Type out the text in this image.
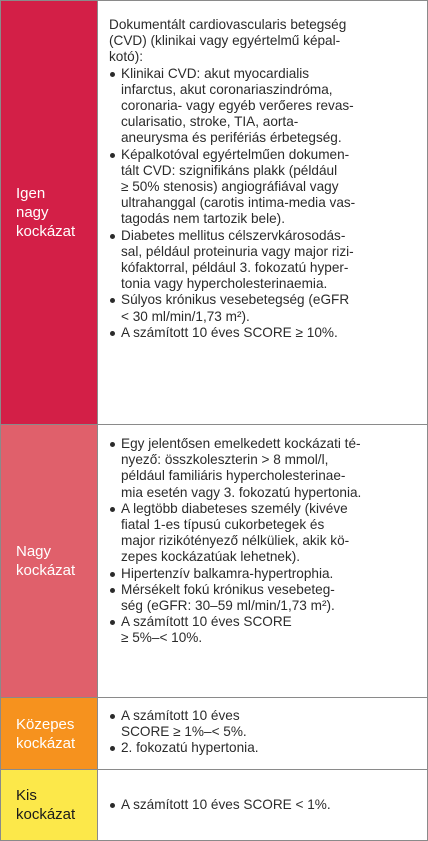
Igen
nagy
kockázat
Dokumentált cardiovascularis betegség
(CVD) (klinikai vagy egyértelmű képal-
kotó):
Klinikai CVD: akut myocardialis
infarctus, akut coronariaszindróma,
coronaria- vagy egyéb verőeres revas-
cularisatio, stroke, TIA, aorta-
aneurysma és perifériás érbetegség.
Képalkotóval egyértelműen dokumen-
tált CVD: szignifikáns plakk (például
≥ 50% stenosis) angiográfiával vagy
ultrahanggal (carotis intima-media vas-
tagodás nem tartozik bele).
Diabetes mellitus célszervkárosodás-
sal, például proteinuria vagy major rizi-
kófaktorral, például 3. fokozatú hyper-
tonia vagy hypercholesterinaemia.
Súlyos krónikus vesebetegség (eGFR
< 30 ml/min/1,73 m²).
A számított 10 éves SCORE ≥ 10%.
Nagy
kockázat
Egy jelentősen emelkedett kockázati té-
nyező: összkoleszterin > 8 mmol/l,
például familiáris hypercholesterinae-
mia esetén vagy 3. fokozatú hypertonia.
A legtöbb diabeteses személy (kivéve
fiatal 1-es típusú cukorbetegek és
major rizikótényező nélküliek, akik kö-
zepes kockázatúak lehetnek).
Hipertenzív balkamra-hypertrophia.
Mérsékelt fokú krónikus vesebeteg-
ség (eGFR: 30–59 ml/min/1,73 m²).
A számított 10 éves SCORE
≥ 5%–< 10%.
Közepes
kockázat
A számított 10 éves
SCORE ≥ 1%–< 5%.
2. fokozatú hypertonia.
Kis
kockázat
A számított 10 éves SCORE < 1%.
